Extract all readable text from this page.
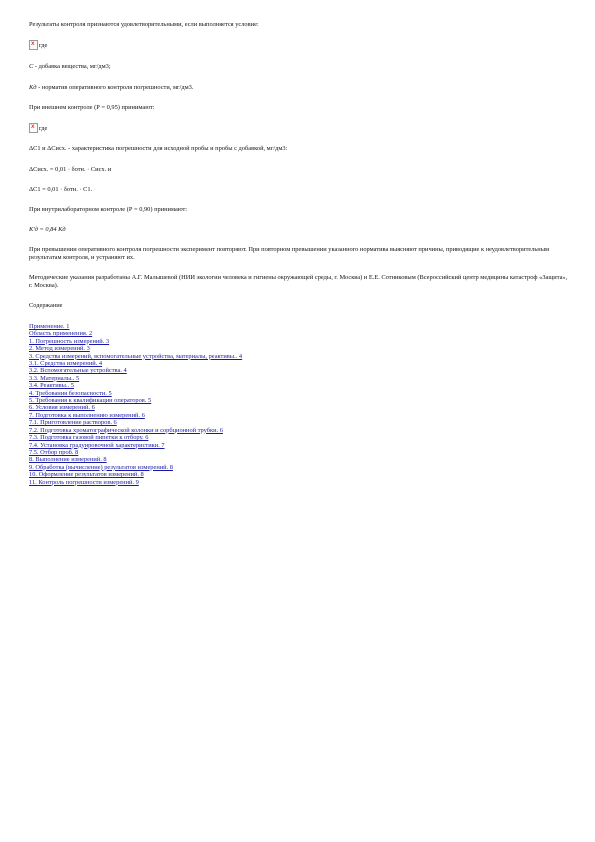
Результаты контроля признаются удовлетворительными, если выполняется условие:

x
где

С - добавка вещества, мг/дм3;

Кд - норматив оперативного контроля погрешности, мг/дм3.

При внешнем контроле (Р = 0,95) принимают:

x
где

ΔС1 и ΔСисх. - характеристика погрешности для исходной пробы и пробы с добавкой, мг/дм3:

ΔСисх. = 0,01 · δотн. · Сисх. и

ΔС1 = 0,01 · δотн. · С1.

При внутрилабораторном контроле (Р = 0,90) принимают:

К'д = 0,84 Кд

При превышении оперативного контроля погрешности эксперимент повторяют. При повторном превышении указанного норматива выясняют причины, приводящие к неудовлетворительным результатам контроля, и устраняют их.

Методические указания разработаны А.Г. Малышевой (НИИ экологии человека и гигиены окружающей среды, г. Москва) и Е.Е. Сотниковым (Всероссийский центр медицины катастроф «Защита», г. Москва).

Содержание

Применение. 1
Область применения. 2
1. Погрешность измерений. 3
2. Метод измерений. 3
3. Средства измерений, вспомогательные устройства, материалы, реактивы.. 4
3.1. Средства измерений. 4
3.2. Вспомогательные устройства. 4
3.3. Материалы.. 5
3.4. Реактивы.. 5
4. Требования безопасности. 5
5. Требования к квалификации операторов. 5
6. Условия измерений. 6
7. Подготовка к выполнению измерений. 6
7.1. Приготовление растворов. 6
7.2. Подготовка хроматографической колонки и сорбционной трубки. 6
7.3. Подготовка газовой пипетки к отбору. 6
7.4. Установка градуировочной характеристики. 7
7.5. Отбор проб. 8
8. Выполнение измерений. 8
9. Обработка (вычисление) результатов измерений. 8
10. Оформление результатов измерений. 8
11. Контроль погрешности измерений. 9
